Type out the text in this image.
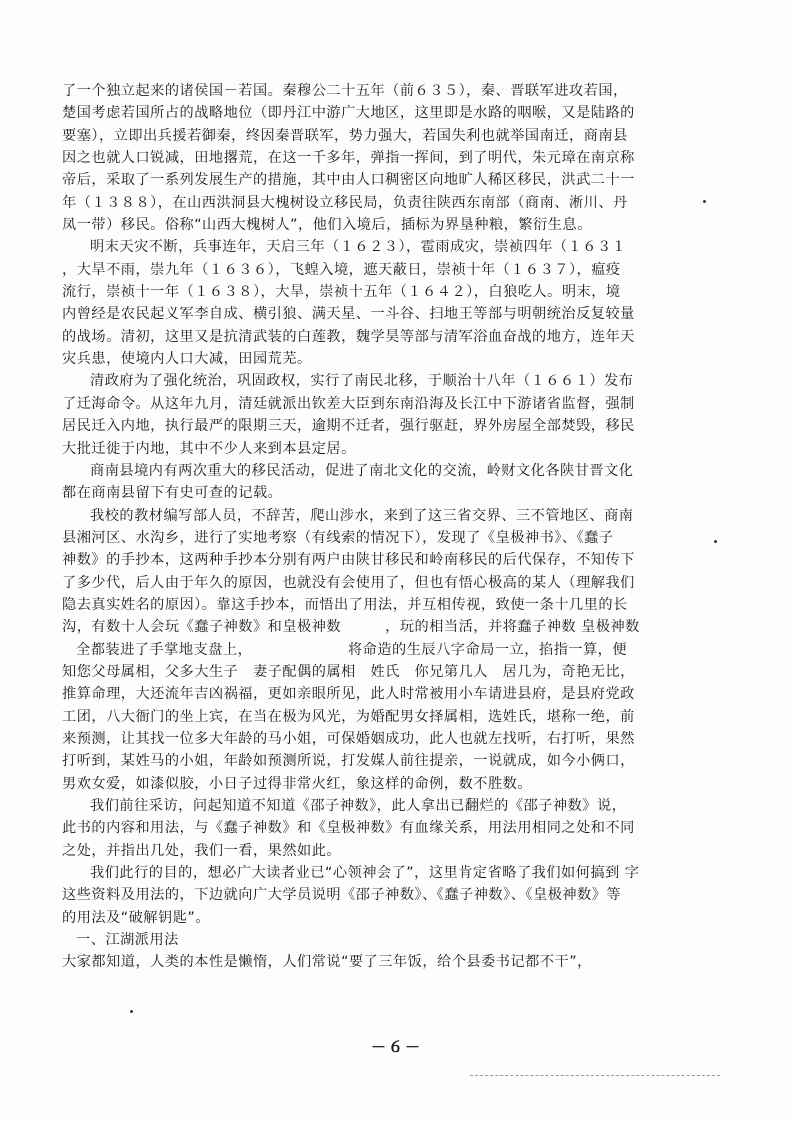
了一个独立起来的诸侯国－若国。秦穆公二十五年（前６３５），秦、晋联军进攻若国，
楚国考虑若国所占的战略地位（即丹江中游广大地区，这里即是水路的咽喉，又是陆路的
要塞），立即出兵援若御秦，终因秦晋联军，势力强大，若国失利也就举国南迁，商南县
因之也就人口锐减，田地撂荒，在这一千多年，弹指一挥间，到了明代，朱元璋在南京称
帝后，采取了一系列发展生产的措施，其中由人口稠密区向地旷人稀区移民，洪武二十一
年（１３８８），在山西洪洞县大槐树设立移民局，负责往陕西东南部（商南、淅川、丹
凤一带）移民。俗称“山西大槐树人”，他们入境后，插标为界垦种粮，繁衍生息。
明末天灾不断，兵事连年，天启三年（１６２３），雹雨成灾，崇祯四年（１６３１
，大旱不雨，崇九年（１６３６），飞蝗入境，遮天蔽日，崇祯十年（１６３７），瘟疫
流行，崇祯十一年（１６３８），大旱，崇祯十五年（１６４２），白狼吃人。明末，境
内曾经是农民起义军李自成、横引狼、满天星、一斗谷、扫地王等部与明朝统治反复较量
的战场。清初，这里又是抗清武装的白莲教，魏学昊等部与清军浴血奋战的地方，连年天
灾兵患，使境内人口大减，田园荒芜。
清政府为了强化统治，巩固政权，实行了南民北移，于顺治十八年（１６６１）发布
了迁海命令。从这年九月，清廷就派出钦差大臣到东南沿海及长江中下游诸省监督，强制
居民迁入内地，执行最严的限期三天，逾期不迁者，强行驱赶，界外房屋全部焚毁，移民
大批迁徙于内地，其中不少人来到本县定居。
商南县境内有两次重大的移民活动，促进了南北文化的交流，岭财文化各陕甘晋文化
都在商南县留下有史可查的记载。
我校的教材编写部人员，不辞苦，爬山涉水，来到了这三省交界、三不管地区、商南
县湘河区、水沟乡，进行了实地考察（有线索的情况下），发现了《皇极神书》、《蠢子
神数》的手抄本，这两种手抄本分别有两户由陕甘移民和岭南移民的后代保存，不知传下
了多少代，后人由于年久的原因，也就没有会使用了，但也有悟心极高的某人（理解我们
隐去真实姓名的原因）。靠这手抄本，而悟出了用法，并互相传视，致使一条十几里的长
沟，有数十人会玩《蠢子神数》和皇极神数　　　，玩的相当活，并将蠢子神数 皇极神数
全都装进了手掌地支盘上，　　　　　　　将命造的生辰八字命局一立，掐指一算，便
知您父母属相，父多大生子　妻子配偶的属相　姓氏　你兄第几人　居几为，奇艳无比，
推算命理，大还流年吉凶祸福，更如亲眼所见，此人时常被用小车请进县府，是县府党政
工团，八大衙门的坐上宾，在当在极为风光，为婚配男女择属相，选姓氏，堪称一绝，前
来预测，让其找一位多大年龄的马小姐，可保婚姻成功，此人也就左找听，右打听，果然
打听到，某姓马的小姐，年龄如预测所说，打发媒人前往提亲，一说就成，如今小俩口，
男欢女爱，如漆似胶，小日子过得非常火红，象这样的命例，数不胜数。
我们前往采访，问起知道不知道《邵子神数》，此人拿出已翻烂的《邵子神数》说，
此书的内容和用法，与《蠢子神数》和《皇极神数》有血缘关系，用法用相同之处和不同
之处，并指出几处，我们一看，果然如此。
我们此行的目的，想必广大读者业已“心领神会了”，这里肯定省略了我们如何搞到 字
这些资料及用法的，下边就向广大学员说明《邵子神数》、《蠢子神数》、《皇极神数》等
的用法及“破解钥匙”。
一、江湖派用法
大家都知道，人类的本性是懒惰，人们常说“要了三年饭，给个县委书记都不干”，
－６－
